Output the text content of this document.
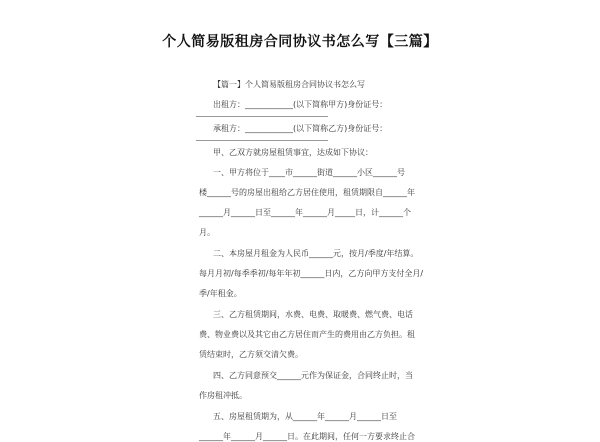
个人简易版租房合同协议书怎么写【三篇】

【篇一】个人简易版租房合同协议书怎么写

出租方：____________(以下简称甲方)身份证号：

承租方：____________(以下简称乙方)身份证号：

甲、乙双方就房屋租赁事宜，达成如下协议：

一、甲方将位于____市______街道______小区______号

楼______号的房屋出租给乙方居住使用，租赁期限自______年

______月______日至______年______月_____日，计______个

月。

二、本房屋月租金为人民币______元，按月/季度/年结算。

每月月初/每季季初/每年年初______日内，乙方向甲方支付全月/

季/年租金。

三、乙方租赁期间，水费、电费、取暖费、燃气费、电话

费、物业费以及其它由乙方居住而产生的费用由乙方负担。租

赁结束时，乙方须交清欠费。

四、乙方同意预交______元作为保证金，合同终止时，当

作房租冲抵。

五、房屋租赁期为，从______年______月______日至

______年______月______日。在此期间，任何一方要求终止合
